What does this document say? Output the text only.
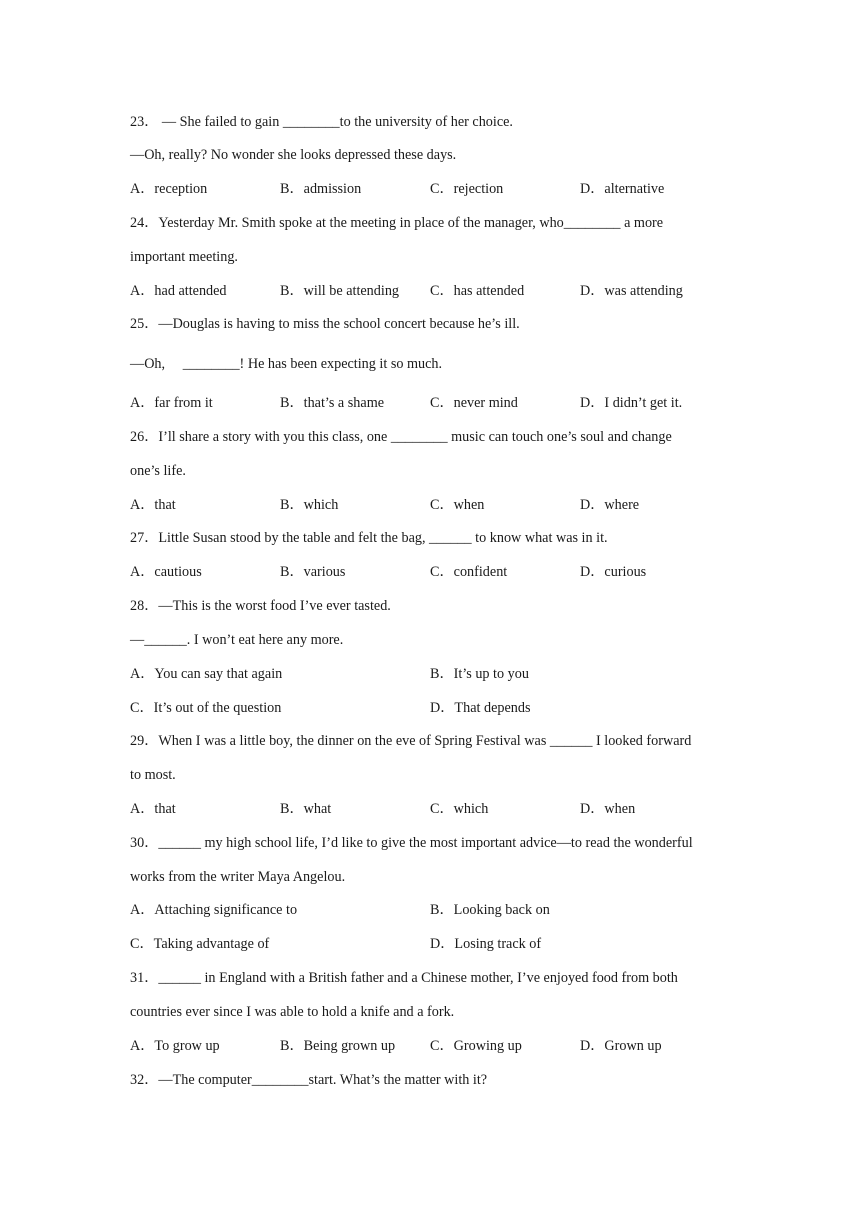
23． — She failed to gain ________to the university of her choice.
—Oh, really? No wonder she looks depressed these days.
A．reception	B．admission	C．rejection	D．alternative
24．Yesterday Mr. Smith spoke at the meeting in place of the manager, who________ a more
important meeting.
A．had attended	B．will be attending C．has attended	D．was attending
25．—Douglas is having to miss the school concert because he’s ill.
—Oh,     ________! He has been expecting it so much.
A．far from it	B．that’s a shame	C．never mind	D．I didn’t get it.
26．I’ll share a story with you this class, one ________ music can touch one’s soul and change
one’s life.
A．that	B．which	C．when	D．where
27．Little Susan stood by the table and felt the bag, ______ to know what was in it.
A．cautious	B．various	C．confident	D．curious
28．—This is the worst food I’ve ever tasted.
—______. I won’t eat here any more.
A．You can say that again	B．It’s up to you
C．It’s out of the question	D．That depends
29．When I was a little boy, the dinner on the eve of Spring Festival was ______ I looked forward
to most.
A．that	B．what	C．which	D．when
30．______ my high school life, I’d like to give the most important advice—to read the wonderful
works from the writer Maya Angelou.
A．Attaching significance to	B．Looking back on
C．Taking advantage of	D．Losing track of
31．______ in England with a British father and a Chinese mother, I’ve enjoyed food from both
countries ever since I was able to hold a knife and a fork.
A．To grow up	B．Being grown up C．Growing up	D．Grown up
32．—The computer________start. What’s the matter with it?
